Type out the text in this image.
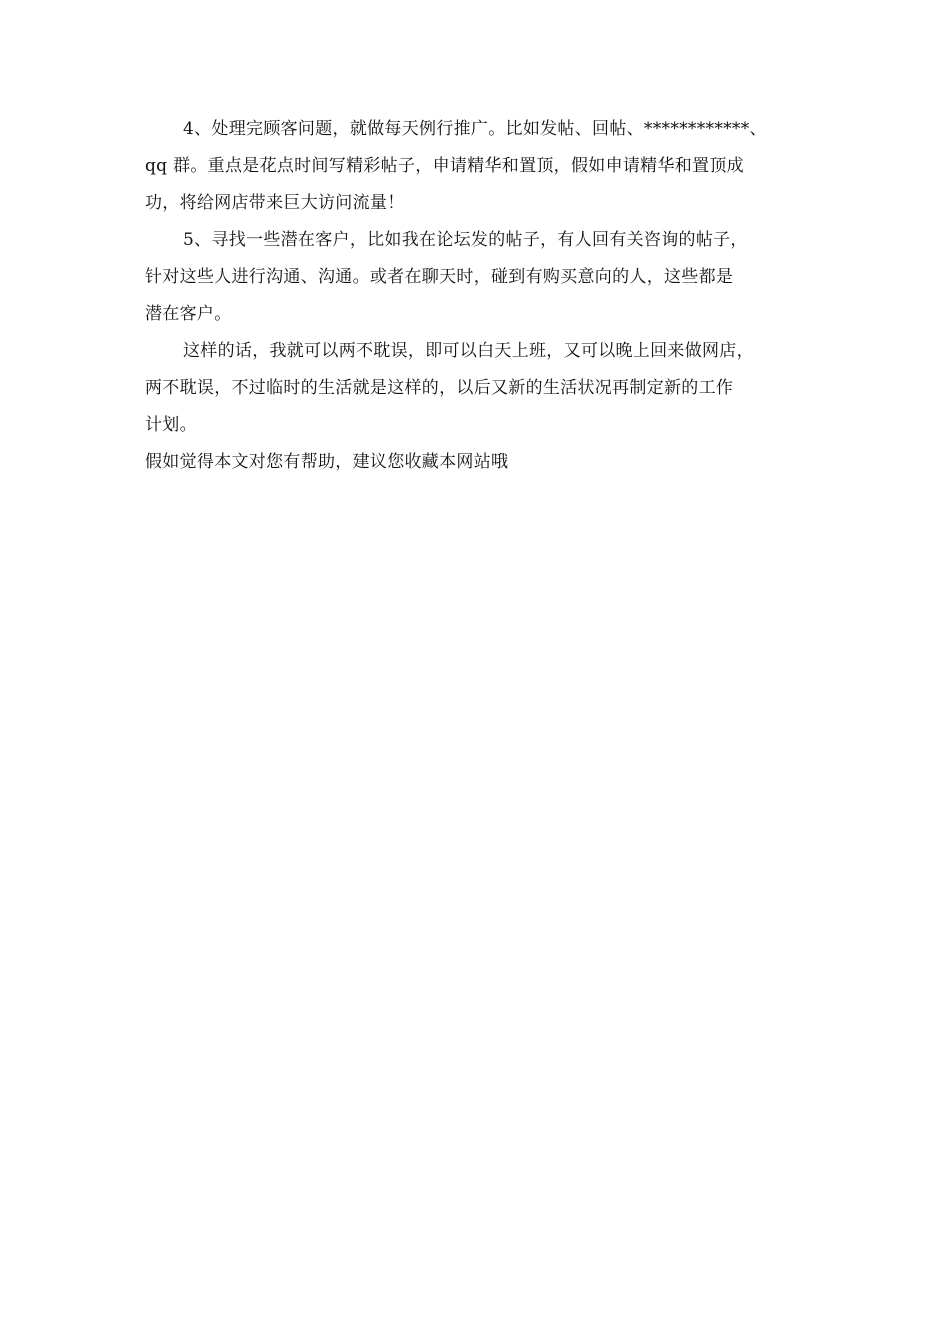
4、处理完顾客问题，就做每天例行推广。比如发帖、回帖、************、
qq 群。重点是花点时间写精彩帖子，申请精华和置顶，假如申请精华和置顶成
功，将给网店带来巨大访问流量！
5、寻找一些潜在客户，比如我在论坛发的帖子，有人回有关咨询的帖子，
针对这些人进行沟通、沟通。或者在聊天时，碰到有购买意向的人，这些都是
潜在客户。
这样的话，我就可以两不耽误，即可以白天上班，又可以晚上回来做网店，
两不耽误，不过临时的生活就是这样的，以后又新的生活状况再制定新的工作
计划。
假如觉得本文对您有帮助，建议您收藏本网站哦
